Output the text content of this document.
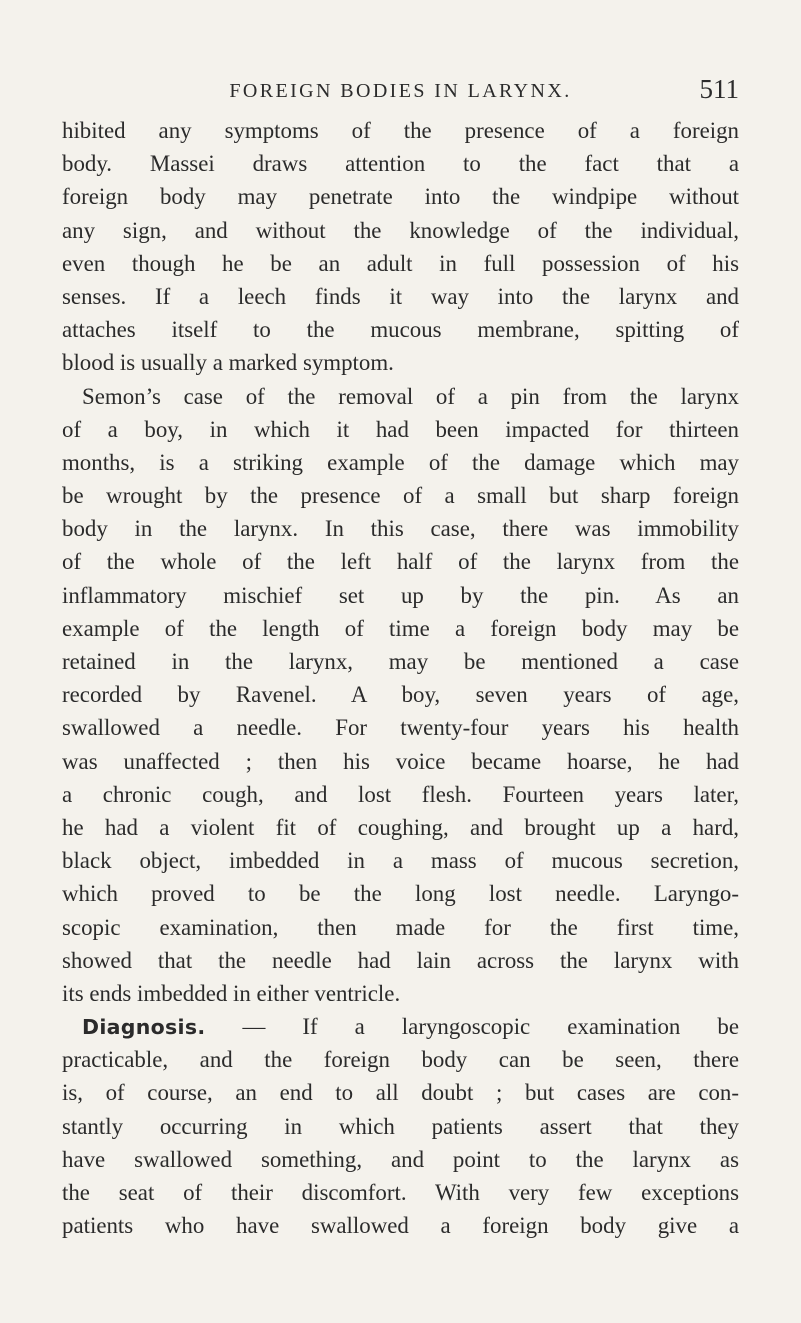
FOREIGN BODIES IN LARYNX.	511
hibited any symptoms of the presence of a foreign
body. Massei draws attention to the fact that a
foreign body may penetrate into the windpipe without
any sign, and without the knowledge of the individual,
even though he be an adult in full possession of his
senses. If a leech finds it way into the larynx and
attaches itself to the mucous membrane, spitting of
blood is usually a marked symptom.
Semon’s case of the removal of a pin from the larynx
of a boy, in which it had been impacted for thirteen
months, is a striking example of the damage which may
be wrought by the presence of a small but sharp foreign
body in the larynx. In this case, there was immobility
of the whole of the left half of the larynx from the
inflammatory mischief set up by the pin. As an
example of the length of time a foreign body may be
retained in the larynx, may be mentioned a case
recorded by Ravenel. A boy, seven years of age,
swallowed a needle. For twenty-four years his health
was unaffected ; then his voice became hoarse, he had
a chronic cough, and lost flesh. Fourteen years later,
he had a violent fit of coughing, and brought up a hard,
black object, imbedded in a mass of mucous secretion,
which proved to be the long lost needle. Laryngo-
scopic examination, then made for the first time,
showed that the needle had lain across the larynx with
its ends imbedded in either ventricle.
Diagnosis. — If a laryngoscopic examination be
practicable, and the foreign body can be seen, there
is, of course, an end to all doubt ; but cases are con-
stantly occurring in which patients assert that they
have swallowed something, and point to the larynx as
the seat of their discomfort. With very few exceptions
patients who have swallowed a foreign body give a
